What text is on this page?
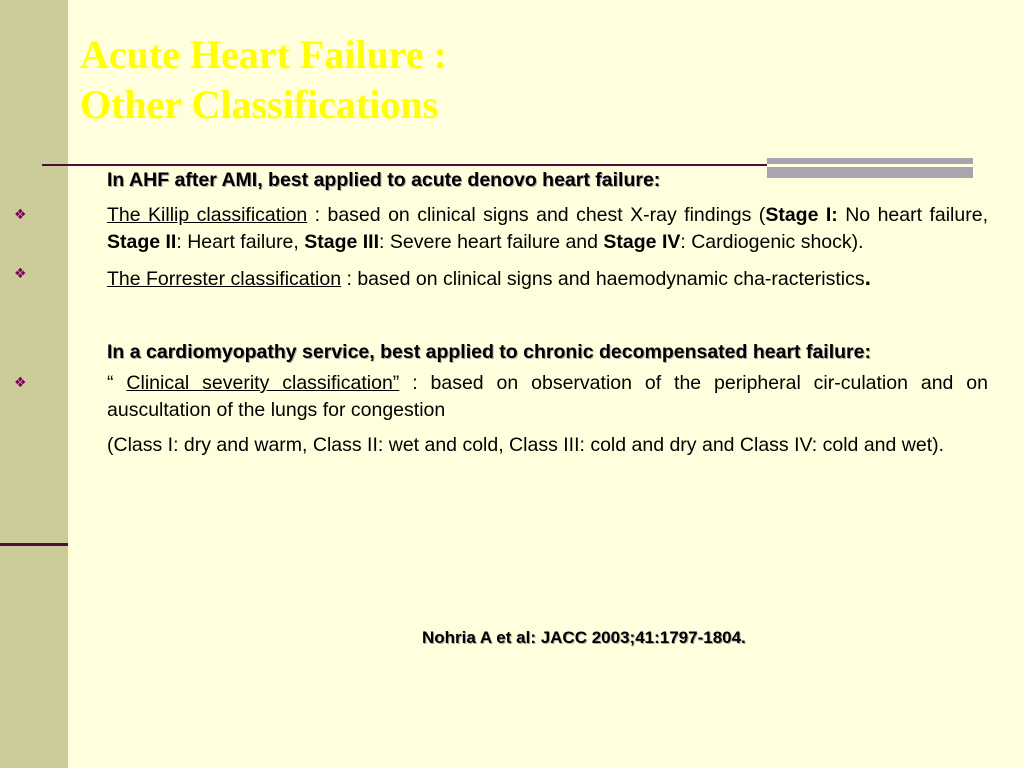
Acute Heart Failure :
Other Classifications
In AHF after AMI, best applied to acute denovo heart failure:
❖	The Killip classification : based on clinical signs and chest X-ray findings (Stage I: No heart failure, Stage II: Heart failure, Stage III: Severe heart failure and Stage IV: Cardiogenic shock).
❖	The Forrester classification : based on clinical signs and haemodynamic cha-racteristics.
In a cardiomyopathy service, best applied to chronic decompensated heart failure:
❖	“ Clinical severity classification” : based on observation of the peripheral cir-culation and on auscultation of the lungs for congestion
(Class I: dry and warm, Class II: wet and cold, Class III: cold and dry and Class IV: cold and wet).
Nohria A et al: JACC 2003;41:1797-1804.
